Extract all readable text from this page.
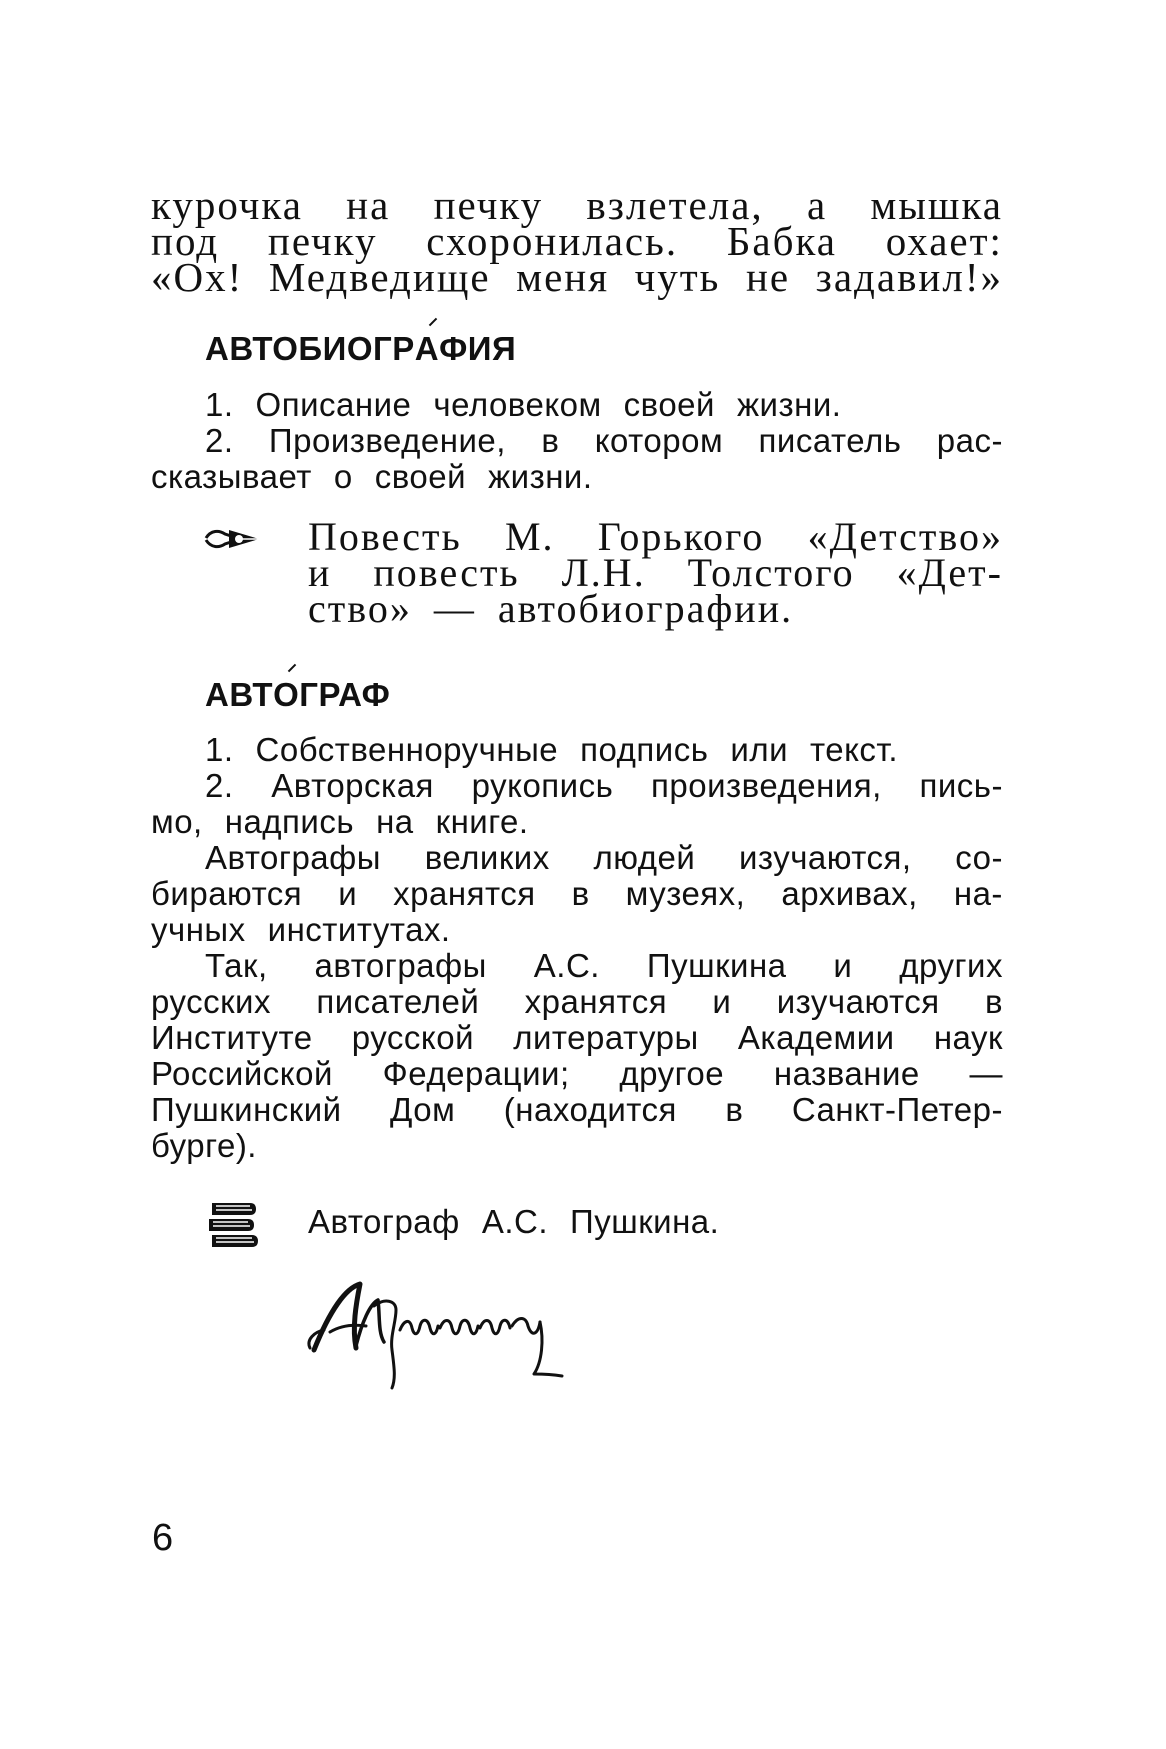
курочка на печку взлетела, а мышка
под печку схоронилась. Бабка охает:
«Ох! Медведище меня чуть не задавил!»
АВТОБИОГРАФИЯ
1. Описание человеком своей жизни.
2. Произведение, в котором писатель рас-
сказывает о своей жизни.
Повесть М. Горького «Детство»
и повесть Л.Н. Толстого «Дет-
ство» — автобиографии.
АВТОГРАФ
1. Собственноручные подпись или текст.
2. Авторская рукопись произведения, пись-
мо, надпись на книге.
Автографы великих людей изучаются, со-
бираются и хранятся в музеях, архивах, на-
учных институтах.
Так, автографы А.С. Пушкина и других
русских писателей хранятся и изучаются в
Институте русской литературы Академии наук
Российской Федерации; другое название —
Пушкинский Дом (находится в Санкт-Петер-
бурге).
Автограф А.С. Пушкина.
6
